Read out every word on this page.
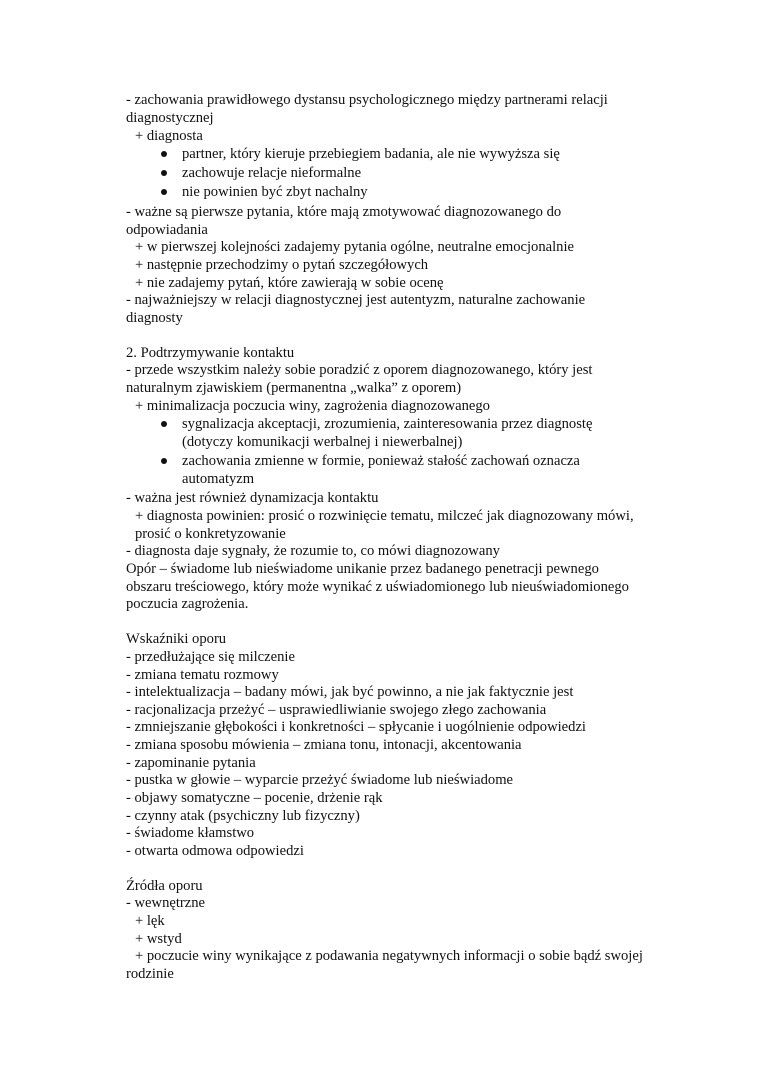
- zachowania prawidłowego dystansu psychologicznego między partnerami relacji
diagnostycznej
+ diagnosta
partner, który kieruje przebiegiem badania, ale nie wywyższa się
zachowuje relacje nieformalne
nie powinien być zbyt nachalny
- ważne są pierwsze pytania, które mają zmotywować diagnozowanego do
odpowiadania
+ w pierwszej kolejności zadajemy pytania ogólne, neutralne emocjonalnie
+ następnie przechodzimy o pytań szczegółowych
+ nie zadajemy pytań, które zawierają w sobie ocenę
- najważniejszy w relacji diagnostycznej jest autentyzm, naturalne zachowanie
diagnosty
2. Podtrzymywanie kontaktu
- przede wszystkim należy sobie poradzić z oporem diagnozowanego, który jest
naturalnym zjawiskiem (permanentna „walka” z oporem)
+ minimalizacja poczucia winy, zagrożenia diagnozowanego
sygnalizacja akceptacji, zrozumienia, zainteresowania przez diagnostę
(dotyczy komunikacji werbalnej i niewerbalnej)
zachowania zmienne w formie, ponieważ stałość zachowań oznacza
automatyzm
- ważna jest również dynamizacja kontaktu
+ diagnosta powinien: prosić o rozwinięcie tematu, milczeć jak diagnozowany mówi,
prosić o konkretyzowanie
- diagnosta daje sygnały, że rozumie to, co mówi diagnozowany
Opór – świadome lub nieświadome unikanie przez badanego penetracji pewnego
obszaru treściowego, który może wynikać z uświadomionego lub nieuświadomionego
poczucia zagrożenia.
Wskaźniki oporu
- przedłużające się milczenie
- zmiana tematu rozmowy
- intelektualizacja – badany mówi, jak być powinno, a nie jak faktycznie jest
- racjonalizacja przeżyć – usprawiedliwianie swojego złego zachowania
- zmniejszanie głębokości i konkretności – spłycanie i uogólnienie odpowiedzi
- zmiana sposobu mówienia – zmiana tonu, intonacji, akcentowania
- zapominanie pytania
- pustka w głowie – wyparcie przeżyć świadome lub nieświadome
- objawy somatyczne – pocenie, drżenie rąk
- czynny atak (psychiczny lub fizyczny)
- świadome kłamstwo
- otwarta odmowa odpowiedzi
Źródła oporu
- wewnętrzne
+ lęk
+ wstyd
+ poczucie winy wynikające z podawania negatywnych informacji o sobie bądź swojej
rodzinie
